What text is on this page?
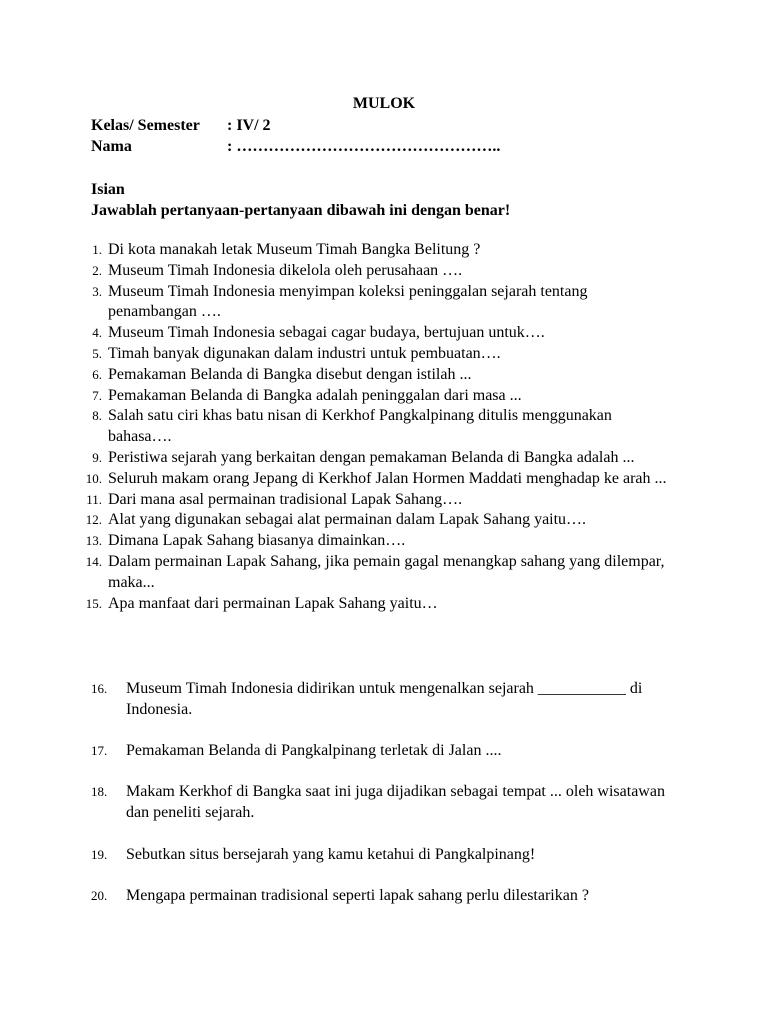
MULOK
Kelas/ Semester : IV/ 2
Nama	: …………………………………………..
Isian
Jawablah pertanyaan-pertanyaan dibawah ini dengan benar!
1. Di kota manakah letak Museum Timah Bangka Belitung ?
2. Museum Timah Indonesia dikelola oleh perusahaan ….
3. Museum Timah Indonesia menyimpan koleksi peninggalan sejarah tentang penambangan ….
4. Museum Timah Indonesia sebagai cagar budaya, bertujuan untuk….
5. Timah banyak digunakan dalam industri untuk pembuatan….
6. Pemakaman Belanda di Bangka disebut dengan istilah ...
7. Pemakaman Belanda di Bangka adalah peninggalan dari masa ...
8. Salah satu ciri khas batu nisan di Kerkhof Pangkalpinang ditulis menggunakan bahasa….
9. Peristiwa sejarah yang berkaitan dengan pemakaman Belanda di Bangka adalah ...
10. Seluruh makam orang Jepang di Kerkhof Jalan Hormen Maddati menghadap ke arah ...
11. Dari mana asal permainan tradisional Lapak Sahang….
12. Alat yang digunakan sebagai alat permainan dalam Lapak Sahang yaitu….
13. Dimana Lapak Sahang biasanya dimainkan….
14. Dalam permainan Lapak Sahang, jika pemain gagal menangkap sahang yang dilempar, maka...
15. Apa manfaat dari permainan Lapak Sahang yaitu…
16. Museum Timah Indonesia didirikan untuk mengenalkan sejarah ___________ di Indonesia.
17. Pemakaman Belanda di Pangkalpinang terletak di Jalan ....
18. Makam Kerkhof di Bangka saat ini juga dijadikan sebagai tempat ... oleh wisatawan dan peneliti sejarah.
19. Sebutkan situs bersejarah yang kamu ketahui di Pangkalpinang!
20. Mengapa permainan tradisional seperti lapak sahang perlu dilestarikan ?
